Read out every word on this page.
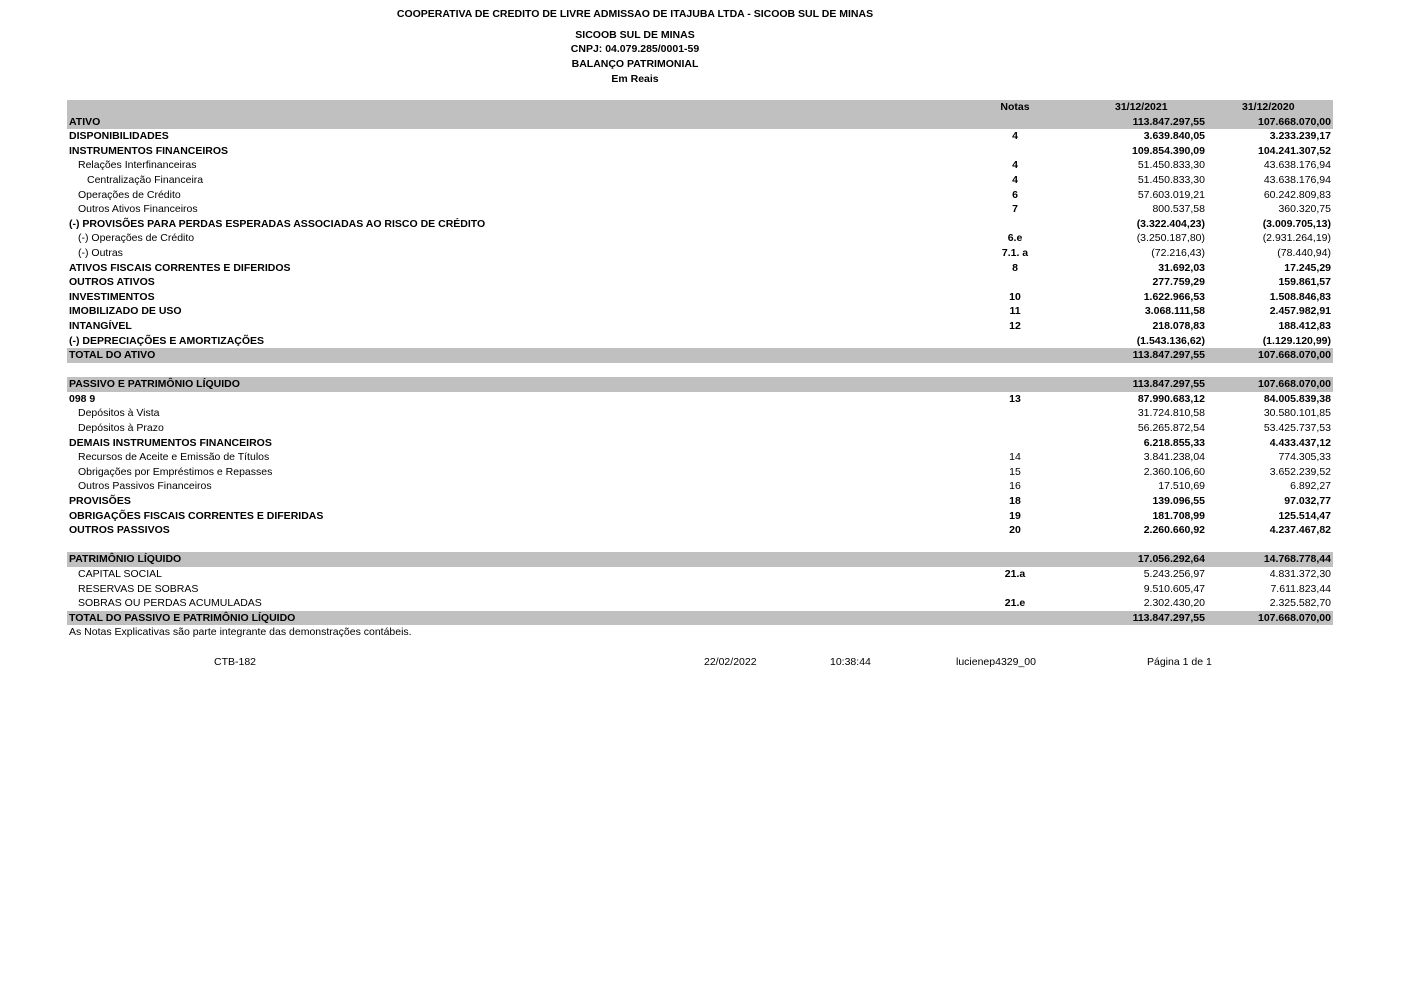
COOPERATIVA DE CREDITO DE LIVRE ADMISSAO DE ITAJUBA LTDA - SICOOB SUL DE MINAS
SICOOB SUL DE MINAS
CNPJ: 04.079.285/0001-59
BALANÇO PATRIMONIAL
Em Reais
Notas	31/12/2021	31/12/2020
ATIVO	113.847.297,55	107.668.070,00
DISPONIBILIDADES	4	3.639.840,05	3.233.239,17
INSTRUMENTOS FINANCEIROS	109.854.390,09	104.241.307,52
Relações Interfinanceiras	4	51.450.833,30	43.638.176,94
Centralização Financeira	4	51.450.833,30	43.638.176,94
Operações de Crédito	6	57.603.019,21	60.242.809,83
Outros Ativos Financeiros	7	800.537,58	360.320,75
(-) PROVISÕES PARA PERDAS ESPERADAS ASSOCIADAS AO RISCO DE CRÉDITO	(3.322.404,23)	(3.009.705,13)
(-) Operações de Crédito	6.e	(3.250.187,80)	(2.931.264,19)
(-) Outras	7.1. a	(72.216,43)	(78.440,94)
ATIVOS FISCAIS CORRENTES E DIFERIDOS	8	31.692,03	17.245,29
OUTROS ATIVOS	277.759,29	159.861,57
INVESTIMENTOS	10	1.622.966,53	1.508.846,83
IMOBILIZADO DE USO	11	3.068.111,58	2.457.982,91
INTANGÍVEL	12	218.078,83	188.412,83
(-) DEPRECIAÇÕES E AMORTIZAÇÕES	(1.543.136,62)	(1.129.120,99)
TOTAL DO ATIVO	113.847.297,55	107.668.070,00
PASSIVO E PATRIMÔNIO LÍQUIDO	113.847.297,55	107.668.070,00
098 9	13	87.990.683,12	84.005.839,38
Depósitos à Vista	31.724.810,58	30.580.101,85
Depósitos à Prazo	56.265.872,54	53.425.737,53
DEMAIS INSTRUMENTOS FINANCEIROS	6.218.855,33	4.433.437,12
Recursos de Aceite e Emissão de Títulos	14	3.841.238,04	774.305,33
Obrigações por Empréstimos e Repasses	15	2.360.106,60	3.652.239,52
Outros Passivos Financeiros	16	17.510,69	6.892,27
PROVISÕES	18	139.096,55	97.032,77
OBRIGAÇÕES FISCAIS CORRENTES E DIFERIDAS	19	181.708,99	125.514,47
OUTROS PASSIVOS	20	2.260.660,92	4.237.467,82
PATRIMÔNIO LÍQUIDO	17.056.292,64	14.768.778,44
CAPITAL SOCIAL	21.a	5.243.256,97	4.831.372,30
RESERVAS DE SOBRAS	9.510.605,47	7.611.823,44
SOBRAS OU PERDAS ACUMULADAS	21.e	2.302.430,20	2.325.582,70
TOTAL DO PASSIVO E PATRIMÔNIO LÍQUIDO	113.847.297,55	107.668.070,00
As Notas Explicativas são parte integrante das demonstrações contábeis.
CTB-182	22/02/2022	10:38:44	lucienep4329_00	Página 1 de 1
